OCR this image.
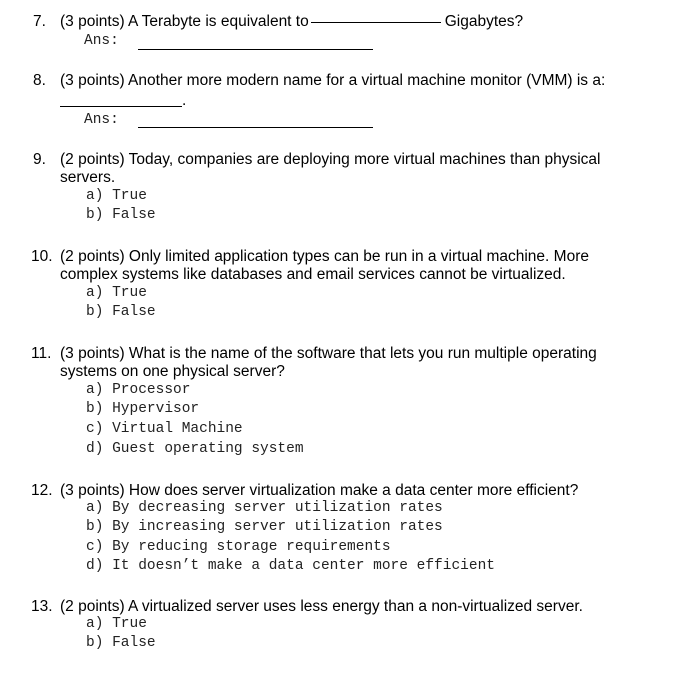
7. (3 points) A Terabyte is equivalent to	Gigabytes?
Ans:
8. (3 points) Another more modern name for a virtual machine monitor (VMM) is a:
.
Ans:
9. (2 points) Today, companies are deploying more virtual machines than physical
servers.
a) True
b) False
10. (2 points) Only limited application types can be run in a virtual machine. More
complex systems like databases and email services cannot be virtualized.
a) True
b) False
11. (3 points) What is the name of the software that lets you run multiple operating
systems on one physical server?
a) Processor
b) Hypervisor
c) Virtual Machine
d) Guest operating system
12. (3 points) How does server virtualization make a data center more efficient?
a) By decreasing server utilization rates
b) By increasing server utilization rates
c) By reducing storage requirements
d) It doesn’t make a data center more efficient
13. (2 points) A virtualized server uses less energy than a non-virtualized server.
a) True
b) False
